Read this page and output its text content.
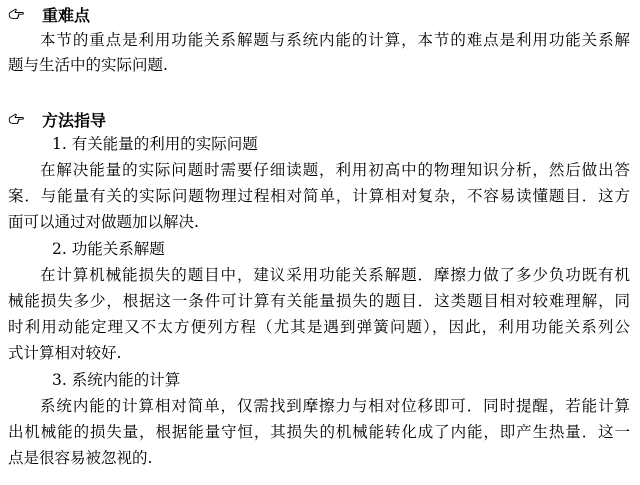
重难点
本节的重点是利用功能关系解题与系统内能的计算，本节的难点是利用功能关系解
题与生活中的实际问题.
方法指导
1. 有关能量的利用的实际问题
在解决能量的实际问题时需要仔细读题，利用初高中的物理知识分析，然后做出答
案．与能量有关的实际问题物理过程相对简单，计算相对复杂，不容易读懂题目．这方
面可以通过对做题加以解决.
2. 功能关系解题
在计算机械能损失的题目中，建议采用功能关系解题．摩擦力做了多少负功既有机
械能损失多少，根据这一条件可计算有关能量损失的题目．这类题目相对较难理解，同
时利用动能定理又不太方便列方程（尤其是遇到弹簧问题），因此，利用功能关系列公
式计算相对较好.
3. 系统内能的计算
系统内能的计算相对简单，仅需找到摩擦力与相对位移即可．同时提醒，若能计算
出机械能的损失量，根据能量守恒，其损失的机械能转化成了内能，即产生热量．这一
点是很容易被忽视的.
